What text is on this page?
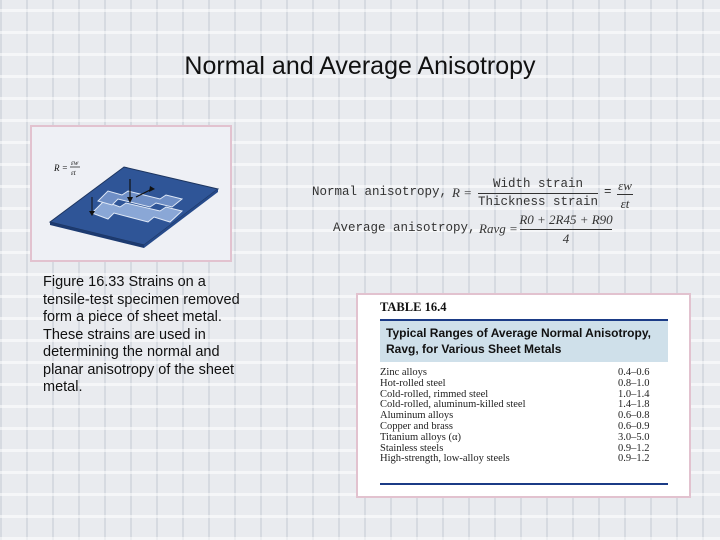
Normal and Average Anisotropy
R = εw
εt
Figure 16.33 Strains on a tensile-test specimen removed form a piece of sheet metal. These strains are used in determining the normal and planar anisotropy of the sheet metal.
Normal anisotropy, R =
Width strain
Thickness strain
= εw
εt
Average anisotropy, Ravg =
R0 + 2R45 + R90
4
TABLE 16.4
Typical Ranges of Average Normal Anisotropy,
Ravg, for Various Sheet Metals
Zinc alloys	0.4–0.6
Hot-rolled steel	0.8–1.0
Cold-rolled, rimmed steel	1.0–1.4
Cold-rolled, aluminum-killed steel	1.4–1.8
Aluminum alloys	0.6–0.8
Copper and brass	0.6–0.9
Titanium alloys (α)	3.0–5.0
Stainless steels	0.9–1.2
High-strength, low-alloy steels	0.9–1.2
